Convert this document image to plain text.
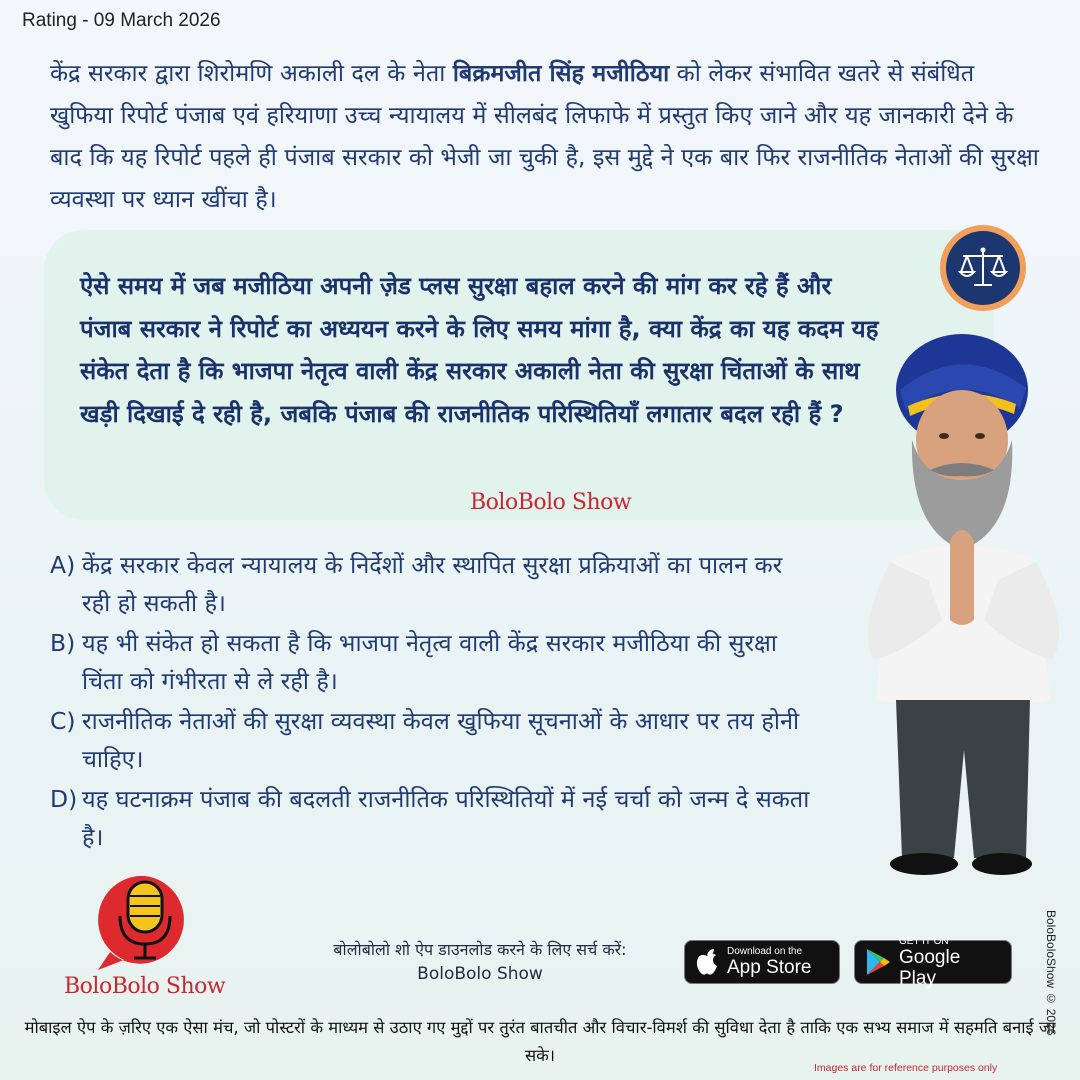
Rating - 09 March 2026
केंद्र सरकार द्वारा शिरोमणि अकाली दल के नेता बिक्रमजीत सिंह मजीठिया को लेकर संभावित खतरे से संबंधित खुफिया रिपोर्ट पंजाब एवं हरियाणा उच्च न्यायालय में सीलबंद लिफाफे में प्रस्तुत किए जाने और यह जानकारी देने के बाद कि यह रिपोर्ट पहले ही पंजाब सरकार को भेजी जा चुकी है, इस मुद्दे ने एक बार फिर राजनीतिक नेताओं की सुरक्षा व्यवस्था पर ध्यान खींचा है।
ऐसे समय में जब मजीठिया अपनी ज़ेड प्लस सुरक्षा बहाल करने की मांग कर रहे हैं और पंजाब सरकार ने रिपोर्ट का अध्ययन करने के लिए समय मांगा है, क्या केंद्र का यह कदम यह संकेत देता है कि भाजपा नेतृत्व वाली केंद्र सरकार अकाली नेता की सुरक्षा चिंताओं के साथ खड़ी दिखाई दे रही है, जबकि पंजाब की राजनीतिक परिस्थितियाँ लगातार बदल रही हैं ?
BoloBolo Show
A) केंद्र सरकार केवल न्यायालय के निर्देशों और स्थापित सुरक्षा प्रक्रियाओं का पालन कर रही हो सकती है।
B) यह भी संकेत हो सकता है कि भाजपा नेतृत्व वाली केंद्र सरकार मजीठिया की सुरक्षा चिंता को गंभीरता से ले रही है।
C) राजनीतिक नेताओं की सुरक्षा व्यवस्था केवल खुफिया सूचनाओं के आधार पर तय होनी चाहिए।
D) यह घटनाक्रम पंजाब की बदलती राजनीतिक परिस्थितियों में नई चर्चा को जन्म दे सकता है।
BoloBolo Show
बोलोबोलो शो ऐप डाउनलोड करने के लिए सर्च करें:
BoloBolo Show
Download on the
App Store
GET IT ON
Google Play
मोबाइल ऐप के ज़रिए एक ऐसा मंच, जो पोस्टरों के माध्यम से उठाए गए मुद्दों पर तुरंत बातचीत और विचार-विमर्श की सुविधा देता है ताकि एक सभ्य समाज में सहमति बनाई जा सके।
Images are for reference purposes only
BoloBoloShow © 2026
